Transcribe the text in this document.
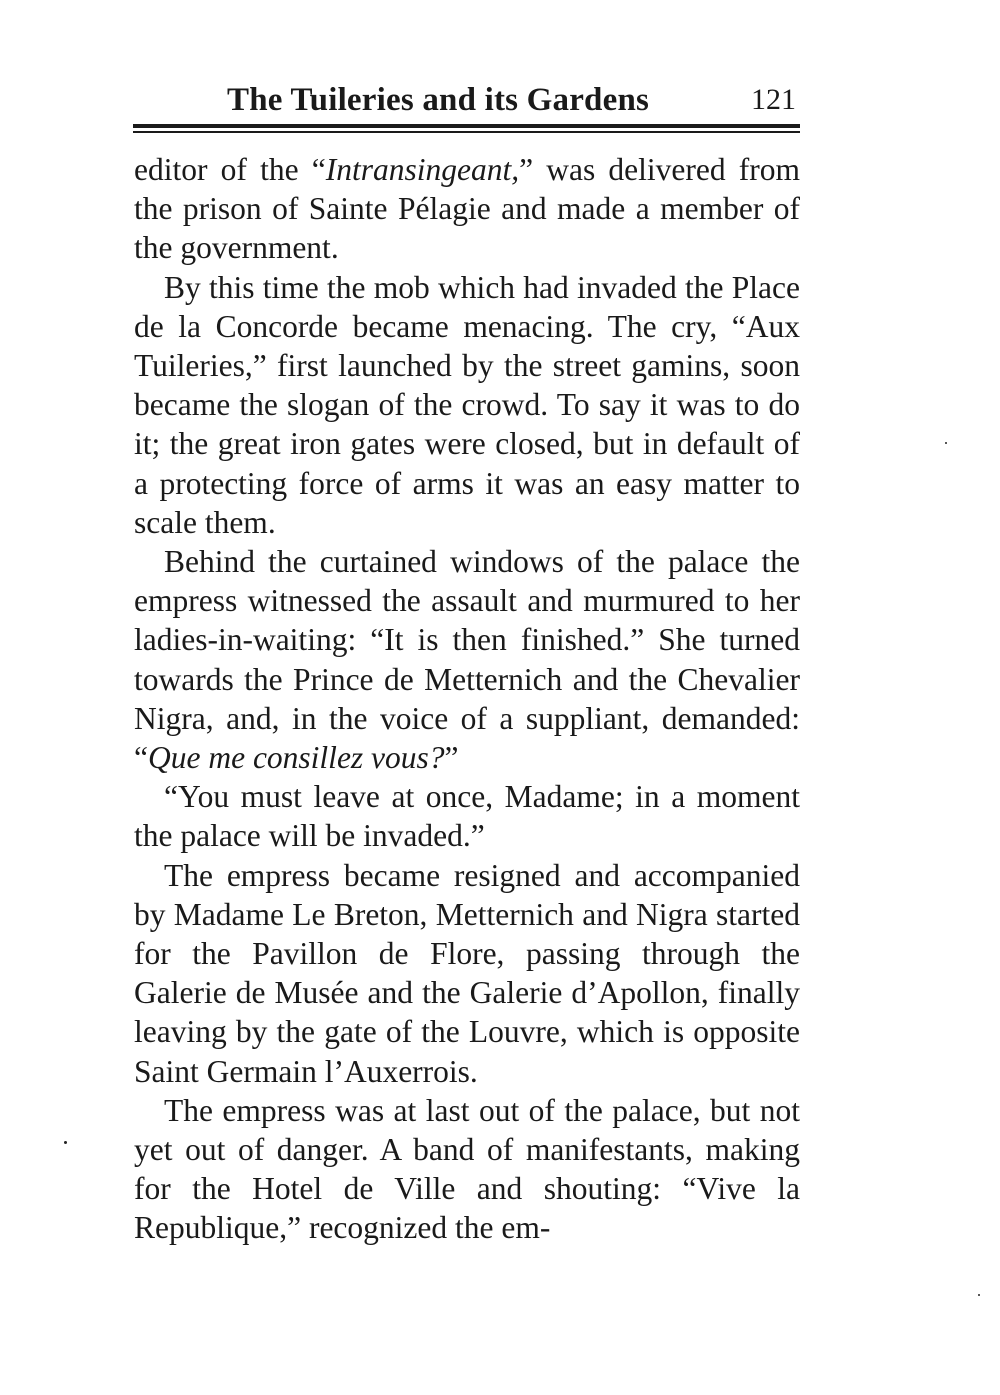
The Tuileries and its Gardens	121

editor of the “Intransingeant,” was delivered from the prison of Sainte Pélagie and made a member of the government.

By this time the mob which had invaded the Place de la Concorde became menacing. The cry, “Aux Tuileries,” first launched by the street gamins, soon became the slogan of the crowd. To say it was to do it; the great iron gates were closed, but in default of a protecting force of arms it was an easy matter to scale them.

Behind the curtained windows of the palace the empress witnessed the assault and murmured to her ladies-in-waiting: “It is then finished.” She turned towards the Prince de Metternich and the Chevalier Nigra, and, in the voice of a suppliant, demanded: “Que me consillez vous?”

“You must leave at once, Madame; in a moment the palace will be invaded.”

The empress became resigned and accompanied by Madame Le Breton, Metternich and Nigra started for the Pavillon de Flore, passing through the Galerie de Musée and the Galerie d’Apollon, finally leaving by the gate of the Louvre, which is opposite Saint Germain l’Auxerrois.

The empress was at last out of the palace, but not yet out of danger. A band of manifestants, making for the Hotel de Ville and shouting: “Vive la Republique,” recognized the em-
